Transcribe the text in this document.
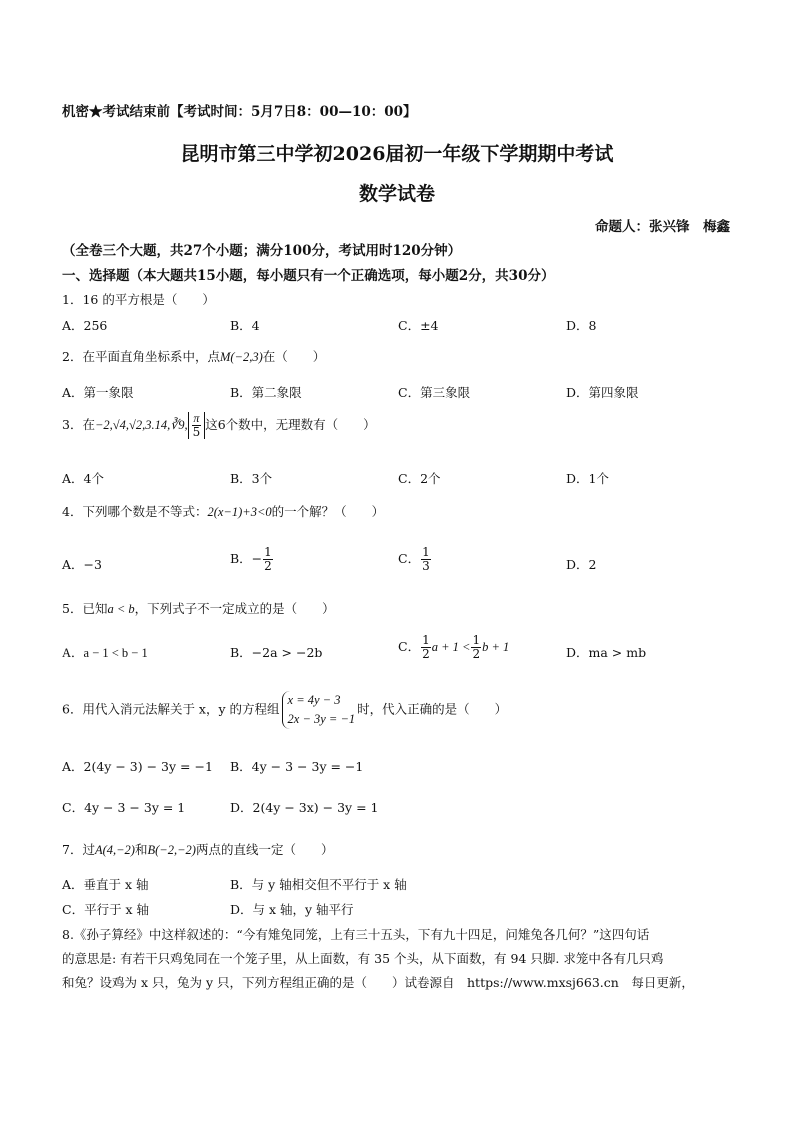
机密★考试结束前【考试时间：5月7日8：00—10：00】
昆明市第三中学初2026届初一年级下学期期中考试
数学试卷
命题人：张兴锋　梅鑫
（全卷三个大题，共27个小题；满分100分，考试用时120分钟）
一、选择题（本大题共15小题，每小题只有一个正确选项，每小题2分，共30分）
1．16 的平方根是（　　）
A．256	B．4	C．±4	D．8
2．在平面直角坐标系中，点M(−2,3)在（　　）
A．第一象限	B．第二象限	C．第三象限	D．第四象限
3．在−2,√4,√2,3.14,∛9, $\frac{\pi}{5}$ 这6个数中，无理数有（　　）
A．4个	B．3个	C．2个	D．1个
4．下列哪个数是不等式：2(x−1)+3<0的一个解？（　　）
A．−3	B．− $\frac{1}{2}$	C． $\frac{1}{3}$	D．2
5．已知a < b，下列式子不一定成立的是（　　）
A．a − 1 < b − 1	B．−2a > −2b	C． $\frac{1}{2}$ $a + 1 < \frac{1}{2}$ b + 1	D．ma > mb
6．用代入消元法解关于 x，y 的方程组
x = 4y − 3
2x − 3y = −1
时，代入正确的是（　　）
A．2(4y − 3) − 3y = −1 B．4y − 3 − 3y = −1
C．4y − 3 − 3y = 1	D．2(4y − 3x) − 3y = 1
7．过A(4,−2)和B(−2,−2)两点的直线一定（　　）
A．垂直于 x 轴	B．与 y 轴相交但不平行于 x 轴
C．平行于 x 轴	D．与 x 轴，y 轴平行
8.《孙子算经》中这样叙述的：“今有雉兔同笼，上有三十五头，下有九十四足，问雉兔各几何？”这四句话
的意思是: 有若干只鸡兔同在一个笼子里，从上面数，有 35 个头，从下面数，有 94 只脚. 求笼中各有几只鸡
和兔？设鸡为 x 只，兔为 y 只，下列方程组正确的是（　　）试卷源自　https://www.mxsj663.cn　每日更新，
